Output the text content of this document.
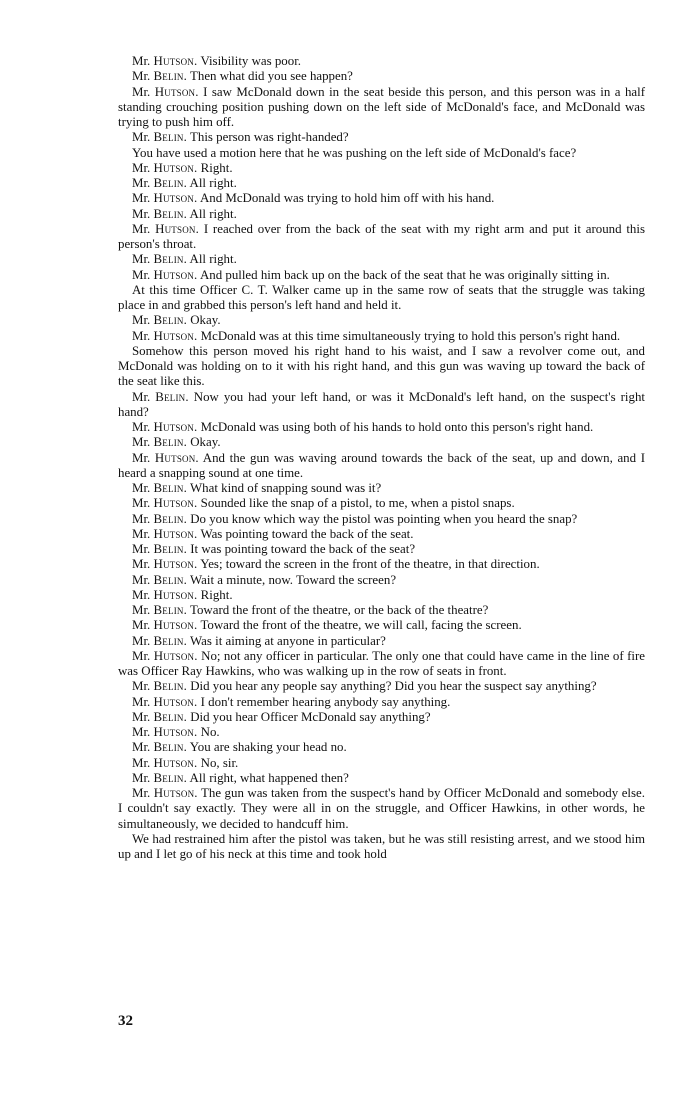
Mr. Hutson. Visibility was poor.

Mr. Belin. Then what did you see happen?

Mr. Hutson. I saw McDonald down in the seat beside this person, and this person was in a half standing crouching position pushing down on the left side of McDonald's face, and McDonald was trying to push him off.

Mr. Belin. This person was right-handed?

You have used a motion here that he was pushing on the left side of McDonald's face?

Mr. Hutson. Right.

Mr. Belin. All right.

Mr. Hutson. And McDonald was trying to hold him off with his hand.

Mr. Belin. All right.

Mr. Hutson. I reached over from the back of the seat with my right arm and put it around this person's throat.

Mr. Belin. All right.

Mr. Hutson. And pulled him back up on the back of the seat that he was originally sitting in.

At this time Officer C. T. Walker came up in the same row of seats that the struggle was taking place in and grabbed this person's left hand and held it.

Mr. Belin. Okay.

Mr. Hutson. McDonald was at this time simultaneously trying to hold this person's right hand.

Somehow this person moved his right hand to his waist, and I saw a revolver come out, and McDonald was holding on to it with his right hand, and this gun was waving up toward the back of the seat like this.

Mr. Belin. Now you had your left hand, or was it McDonald's left hand, on the suspect's right hand?

Mr. Hutson. McDonald was using both of his hands to hold onto this person's right hand.

Mr. Belin. Okay.

Mr. Hutson. And the gun was waving around towards the back of the seat, up and down, and I heard a snapping sound at one time.

Mr. Belin. What kind of snapping sound was it?

Mr. Hutson. Sounded like the snap of a pistol, to me, when a pistol snaps.

Mr. Belin. Do you know which way the pistol was pointing when you heard the snap?

Mr. Hutson. Was pointing toward the back of the seat.

Mr. Belin. It was pointing toward the back of the seat?

Mr. Hutson. Yes; toward the screen in the front of the theatre, in that direction.

Mr. Belin. Wait a minute, now. Toward the screen?

Mr. Hutson. Right.

Mr. Belin. Toward the front of the theatre, or the back of the theatre?

Mr. Hutson. Toward the front of the theatre, we will call, facing the screen.

Mr. Belin. Was it aiming at anyone in particular?

Mr. Hutson. No; not any officer in particular. The only one that could have came in the line of fire was Officer Ray Hawkins, who was walking up in the row of seats in front.

Mr. Belin. Did you hear any people say anything? Did you hear the suspect say anything?

Mr. Hutson. I don't remember hearing anybody say anything.

Mr. Belin. Did you hear Officer McDonald say anything?

Mr. Hutson. No.

Mr. Belin. You are shaking your head no.

Mr. Hutson. No, sir.

Mr. Belin. All right, what happened then?

Mr. Hutson. The gun was taken from the suspect's hand by Officer McDonald and somebody else. I couldn't say exactly. They were all in on the struggle, and Officer Hawkins, in other words, he simultaneously, we decided to handcuff him.

We had restrained him after the pistol was taken, but he was still resisting arrest, and we stood him up and I let go of his neck at this time and took hold

32
